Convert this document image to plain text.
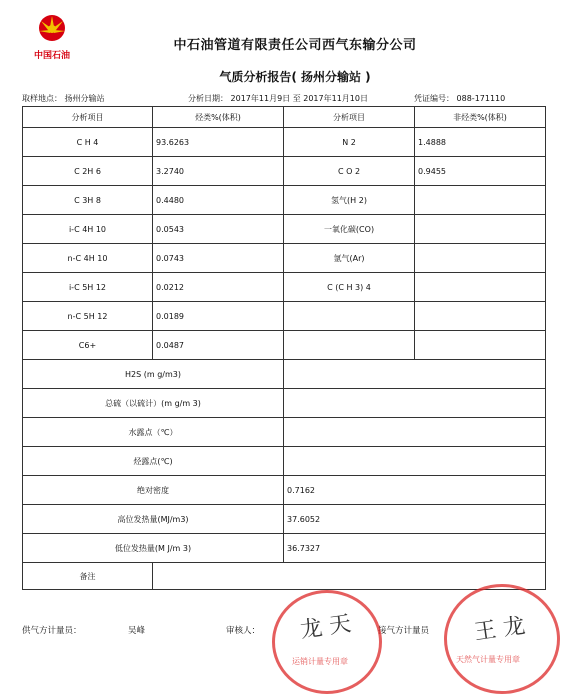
中国石油
中石油管道有限责任公司西气东输分公司
气质分析报告( 扬州分输站 )
取样地点： 扬州分输站	分析日期： 2017年11月9日 至 2017年11月10日	凭证编号： 088-171110
分析项目	烃类%(体积)	分析项目	非烃类%(体积)
C H 4	93.6263	N 2	1.4888
C 2H 6	3.2740	C O 2	0.9455
C 3H 8	0.4480	氢气(H 2)	
i-C 4H 10	0.0543	一氧化碳(CO)	
n-C 4H 10	0.0743	氩气(Ar)	
i-C 5H 12	0.0212	C (C H 3) 4	
n-C 5H 12	0.0189		
C6+	0.0487		
H2S (m g/m3)			
总硫（以硫计）(m g/m 3)			
水露点（℃）			
烃露点(℃)			
绝对密度		0.7162	
高位发热量(MJ/m3)		37.6052	
低位发热量(M J/m 3)		36.7327	
备注			
供气方计量员：	吴峰	审核人：	接气方计量员
运销计量专用章
龙 天
天然气计量专用章
王 龙
